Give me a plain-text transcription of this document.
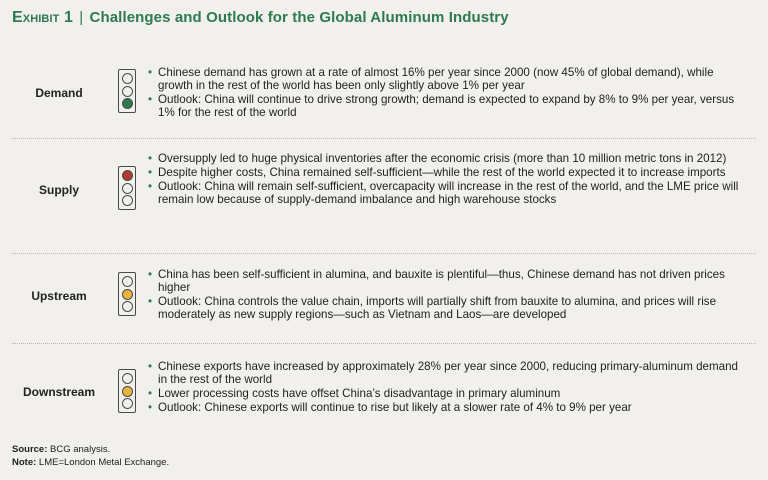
Exhibit 1 | Challenges and Outlook for the Global Aluminum Industry
Demand
• Chinese demand has grown at a rate of almost 16% per year since 2000 (now 45% of global demand), while growth in the rest of the world has been only slightly above 1% per year
• Outlook: China will continue to drive strong growth; demand is expected to expand by 8% to 9% per year, versus 1% for the rest of the world
Supply
• Oversupply led to huge physical inventories after the economic crisis (more than 10 million metric tons in 2012)
• Despite higher costs, China remained self-sufficient—while the rest of the world expected it to increase imports
• Outlook: China will remain self-sufficient, overcapacity will increase in the rest of the world, and the LME price will remain low because of supply-demand imbalance and high warehouse stocks
Upstream
• China has been self-sufficient in alumina, and bauxite is plentiful—thus, Chinese demand has not driven prices higher
• Outlook: China controls the value chain, imports will partially shift from bauxite to alumina, and prices will rise moderately as new supply regions—such as Vietnam and Laos—are developed
Downstream
• Chinese exports have increased by approximately 28% per year since 2000, reducing primary-aluminum demand in the rest of the world
• Lower processing costs have offset China’s disadvantage in primary aluminum
• Outlook: Chinese exports will continue to rise but likely at a slower rate of 4% to 9% per year
Source: BCG analysis.
Note: LME=London Metal Exchange.
